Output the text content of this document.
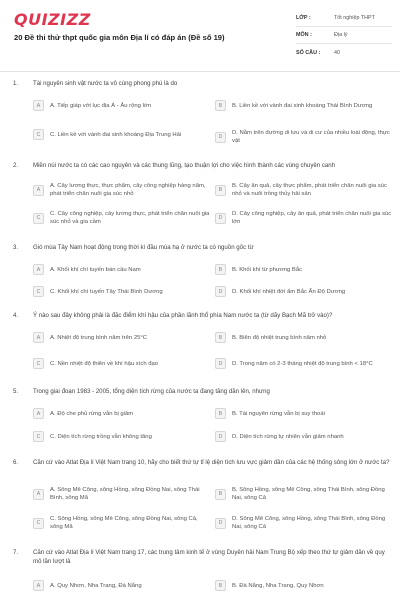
QUIZIZZ
20 Đề thi thử thpt quốc gia môn Địa lí có đáp án (Đề số 19)
LỚP :	Tốt nghiệp THPT
MÔN :	Địa lý
SỐ CÂU :	40
1. Tài nguyên sinh vật nước ta vô cùng phong phú là do
A	A. Tiếp giáp với lục địa Á - Âu rộng lớn	B	B. Liền kề với vành đai sinh khoáng Thái Bình Dương
C	C. Liền kề với vành đai sinh khoáng Địa Trung Hải	D
D. Nằm trên đường di lưu và di cư của nhiều loài động, thực vật
2. Miền núi nước ta có các cao nguyên và các thung lũng, tạo thuận lợi cho việc hình thành các vùng chuyên canh
A
A. Cây lương thực, thực phẩm, cây công nghiệp hàng năm, phát triển chăn nuôi gia súc nhỏ
B
B. Cây ăn quả, cây thực phẩm, phát triển chăn nuôi gia súc nhỏ và nuôi trồng thủy hải sản
C
C. Cây công nghiệp, cây lương thực, phát triển chăn nuôi gia súc nhỏ và gia cầm
D
D. Cây công nghiệp, cây ăn quả, phát triển chăn nuôi gia súc lớn
3. Gió mùa Tây Nam hoạt động trong thời kì đầu mùa hạ ở nước ta có nguồn gốc từ
A	A. Khối khí chí tuyến bán cầu Nam	B	B. Khối khí từ phương Bắc
C	C. Khối khí chí tuyến Tây Thái Bình Dương	D	D. Khối khí nhiệt đới ẩm Bắc Ấn Độ Dương
4. Ý nào sau đây không phải là đặc điểm khí hậu của phần lãnh thổ phía Nam nước ta (từ dãy Bạch Mã trở vào)?
A	A. Nhiệt độ trung bình năm trên 25°C	B	B. Biên độ nhiệt trung bình năm nhỏ
C	C. Nền nhiệt độ thiên về khí hậu xích đạo	D	D. Trong năm có 2-3 tháng nhiệt độ trung bình < 18°C
5. Trong giai đoạn 1983 - 2005, tổng diện tích rừng của nước ta đang tăng dần lên, nhưng
A	A. Độ che phủ rừng vẫn bị giảm	B	B. Tài nguyên rừng vẫn bị suy thoái
C	C. Diện tích rừng trồng vẫn không tăng	D	D. Diện tích rừng tự nhiên vẫn giảm nhanh
6. Căn cứ vào Atlat Địa lí Việt Nam trang 10, hãy cho biết thứ tự tỉ lệ diện tích lưu vực giảm dần của các hệ thống sông lớn ở nước ta?
A
A. Sông Mê Công, sông Hồng, sông Đồng Nai, sông Thái Bình, sông Mã
B
B. Sông Hồng, sông Mê Công, sông Thái Bình, sông Đồng Nai, sông Cả
C
C. Sông Hồng, sông Mê Công, sông Đồng Nai, sông Cả, sông Mã
D
D. Sông Mê Công, sông Hồng, sông Thái Bình, sông Đồng Nai, sông Cả
7. Căn cứ vào Atlat Địa lí Việt Nam trang 17, các trung tâm kinh tế ở vùng Duyên hải Nam Trung Bộ xếp theo thứ tự giảm dần về quy mô lần lượt là
A	A. Quy Nhơn, Nha Trang, Đà Nẵng	B	B. Đà Nẵng, Nha Trang, Quy Nhơn
